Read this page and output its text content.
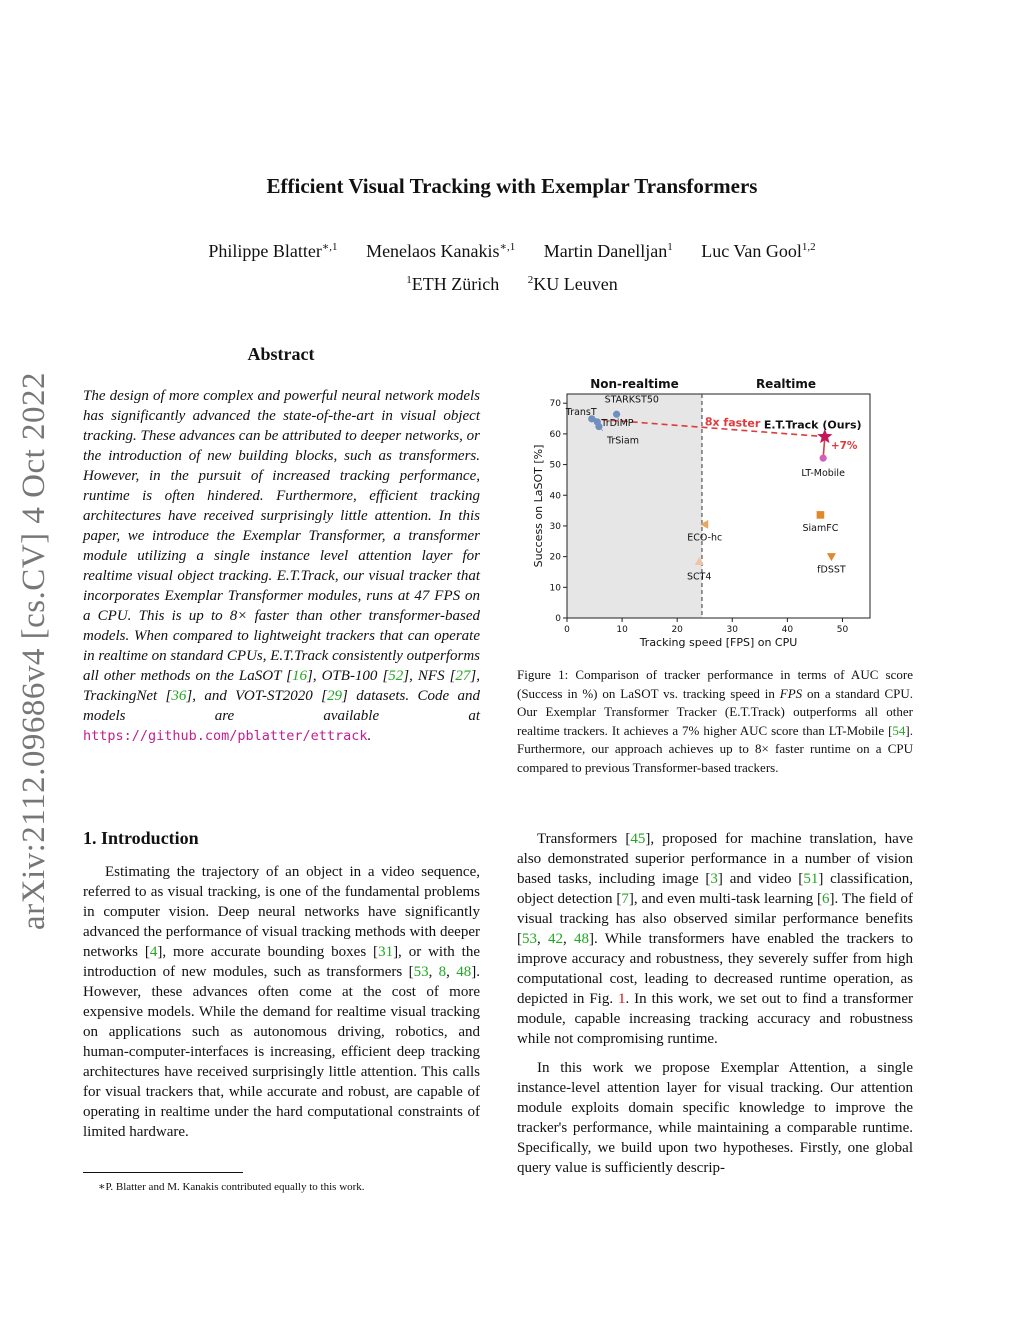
Efficient Visual Tracking with Exemplar Transformers
Philippe Blatter$^{∗,1}$ Menelaos Kanakis$^{∗,1}$ Martin Danelljan$^1$ Luc Van Gool$^{1,2}$
$^1$ETH Zürich	$^2$KU Leuven
arXiv:2112.09686v4 [cs.CV] 4 Oct 2022
Abstract
The design of more complex and powerful neural network models has significantly advanced the state-of-the-art in visual object tracking. These advances can be attributed to deeper networks, or the introduction of new building blocks, such as transformers. However, in the pursuit of increased tracking performance, runtime is often hindered. Furthermore, efficient tracking architectures have received surprisingly little attention. In this paper, we introduce the Exemplar Transformer, a transformer module utilizing a single instance level attention layer for realtime visual object tracking. E.T.Track, our visual tracker that incorporates Exemplar Transformer modules, runs at 47 FPS on a CPU. This is up to 8× faster than other transformer-based models. When compared to lightweight trackers that can operate in realtime on standard CPUs, E.T.Track consistently outperforms all other methods on the LaSOT [16], OTB-100 [52], NFS [27], TrackingNet [36], and VOT-ST2020 [29] datasets. Code and models are available at https://github.com/pblatter/ettrack.
Non-realtime	Realtime
0	10	20	30	40	50
0
10
20
30
40
50
60
70
Tracking speed [FPS] on CPU
Success on LaSOT [%]
TransT
STARKST50
TrDiMP
TrSiam
E.T.Track (Ours)
LT-Mobile
SiamFC
fDSST
ECO-hc
SCT4
8x faster
+7%
Figure 1: Comparison of tracker performance in terms of AUC score (Success in %) on LaSOT vs. tracking speed in FPS on a standard CPU. Our Exemplar Transformer Tracker (E.T.Track) outperforms all other realtime trackers. It achieves a 7% higher AUC score than LT-Mobile [54]. Furthermore, our approach achieves up to 8× faster runtime on a CPU compared to previous Transformer-based trackers.
1. Introduction
Estimating the trajectory of an object in a video sequence, referred to as visual tracking, is one of the fundamental problems in computer vision. Deep neural networks have significantly advanced the performance of visual tracking methods with deeper networks [4], more accurate bounding boxes [31], or with the introduction of new modules, such as transformers [53, 8, 48]. However, these advances often come at the cost of more expensive models. While the demand for realtime visual tracking on applications such as autonomous driving, robotics, and human-computer-interfaces is increasing, efficient deep tracking architectures have received surprisingly little attention. This calls for visual trackers that, while accurate and robust, are capable of operating in realtime under the hard computational constraints of limited hardware.
∗P. Blatter and M. Kanakis contributed equally to this work.

Transformers [45], proposed for machine translation, have also demonstrated superior performance in a number of vision based tasks, including image [3] and video [51] classification, object detection [7], and even multi-task learning [6]. The field of visual tracking has also observed similar performance benefits [53, 42, 48]. While transformers have enabled the trackers to improve accuracy and robustness, they severely suffer from high computational cost, leading to decreased runtime operation, as depicted in Fig. 1. In this work, we set out to find a transformer module, capable increasing tracking accuracy and robustness while not compromising runtime.

In this work we propose Exemplar Attention, a single instance-level attention layer for visual tracking. Our attention module exploits domain specific knowledge to improve the tracker's performance, while maintaining a comparable runtime. Specifically, we build upon two hypotheses. Firstly, one global query value is sufficiently descrip-
